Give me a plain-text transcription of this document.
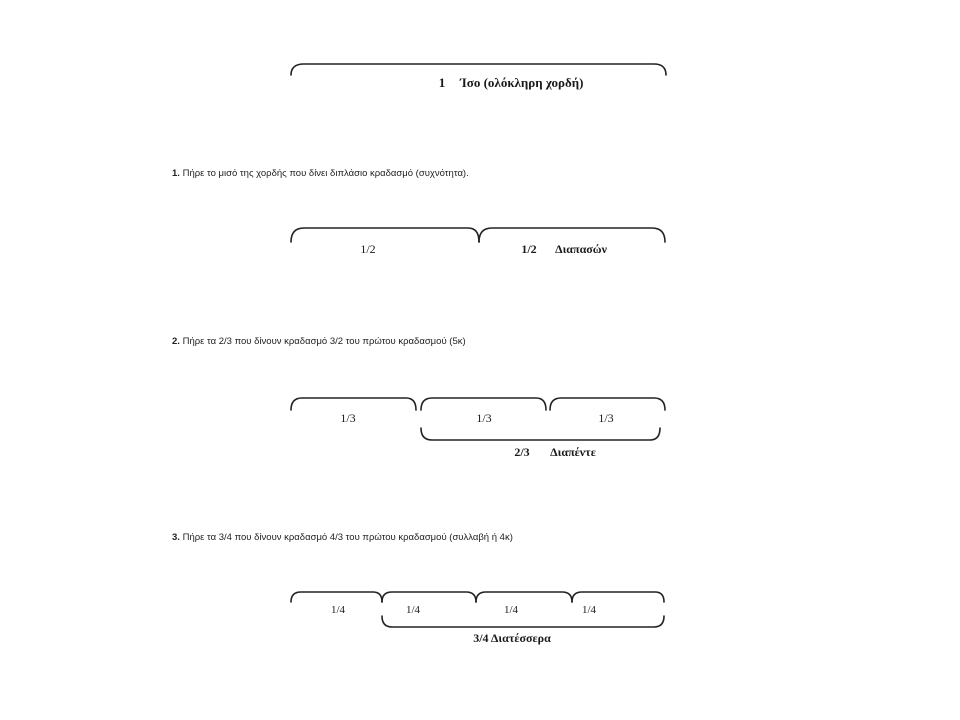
1 Ίσο (ολόκληρη χορδή)
1/2	1/2 Διαπασών
1/3	1/3	1/3
2/3 Διαπέντε
1/4	1/4	1/4	1/4
3/4 Διατέσσερα

1. Πήρε το μισό της χορδής που δίνει διπλάσιο κραδασμό (συχνότητα).

2. Πήρε τα 2/3 που δίνουν κραδασμό 3/2 του πρώτου κραδασμού (5κ)

3. Πήρε τα 3/4 που δίνουν κραδασμό 4/3 του πρώτου κραδασμού (συλλαβή ή 4κ)
